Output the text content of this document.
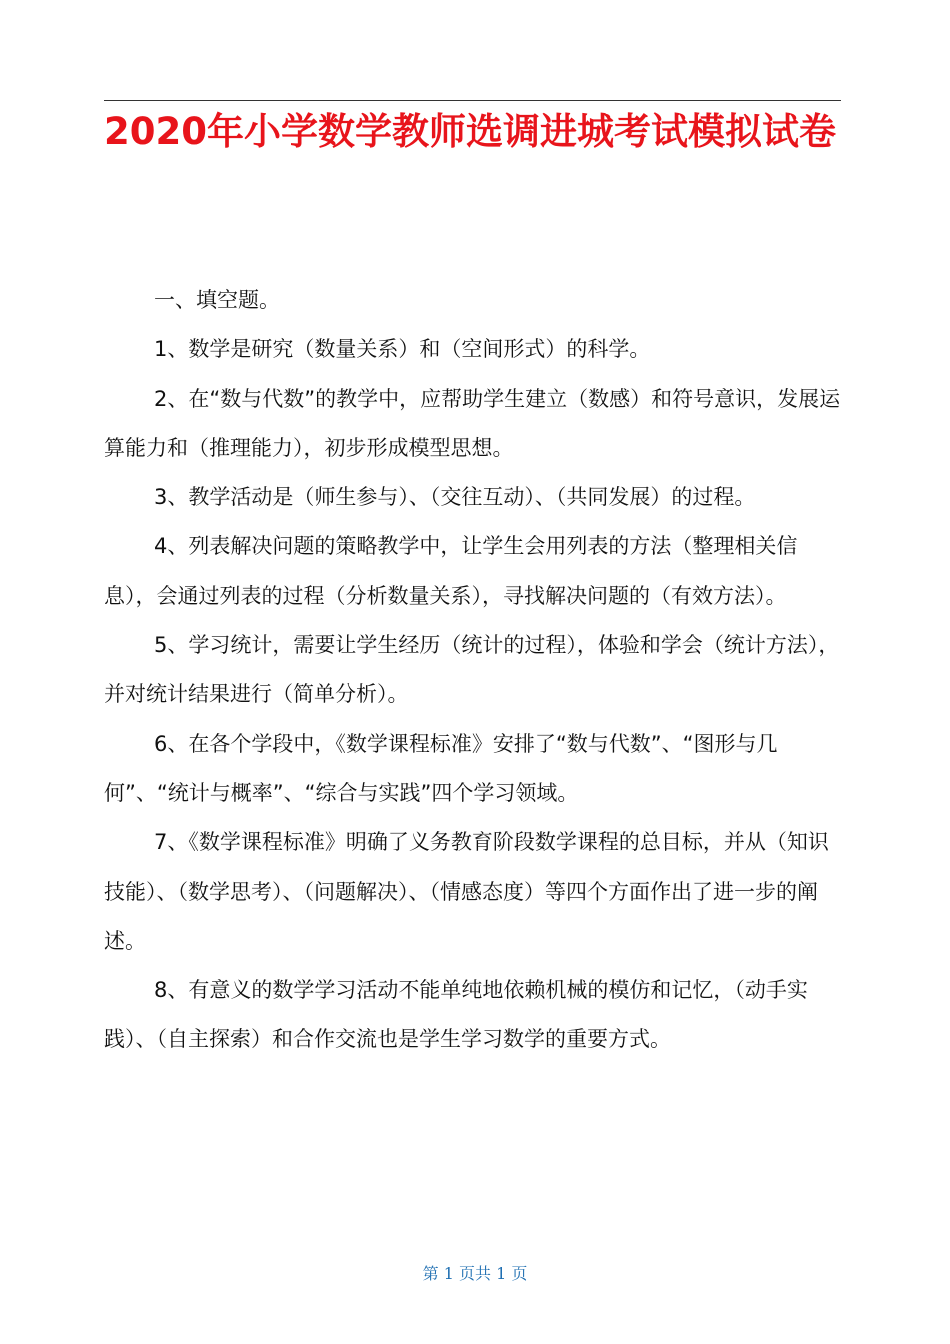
2020年小学数学教师选调进城考试模拟试卷

一、填空题。

1、数学是研究（数量关系）和（空间形式）的科学。

2、在“数与代数”的教学中，应帮助学生建立（数感）和符号意识，发展运算能力和（推理能力），初步形成模型思想。

3、教学活动是（师生参与）、（交往互动）、（共同发展）的过程。

4、列表解决问题的策略教学中，让学生会用列表的方法（整理相关信息），会通过列表的过程（分析数量关系），寻找解决问题的（有效方法）。

5、学习统计，需要让学生经历（统计的过程），体验和学会（统计方法），并对统计结果进行（简单分析）。

6、在各个学段中，《数学课程标准》安排了“数与代数”、“图形与几何”、“统计与概率”、“综合与实践”四个学习领域。

7、《数学课程标准》明确了义务教育阶段数学课程的总目标，并从（知识技能）、（数学思考）、（问题解决）、（情感态度）等四个方面作出了进一步的阐述。

8、有意义的数学学习活动不能单纯地依赖机械的模仿和记忆，（动手实践）、（自主探索）和合作交流也是学生学习数学的重要方式。

第 1 页共 1 页
